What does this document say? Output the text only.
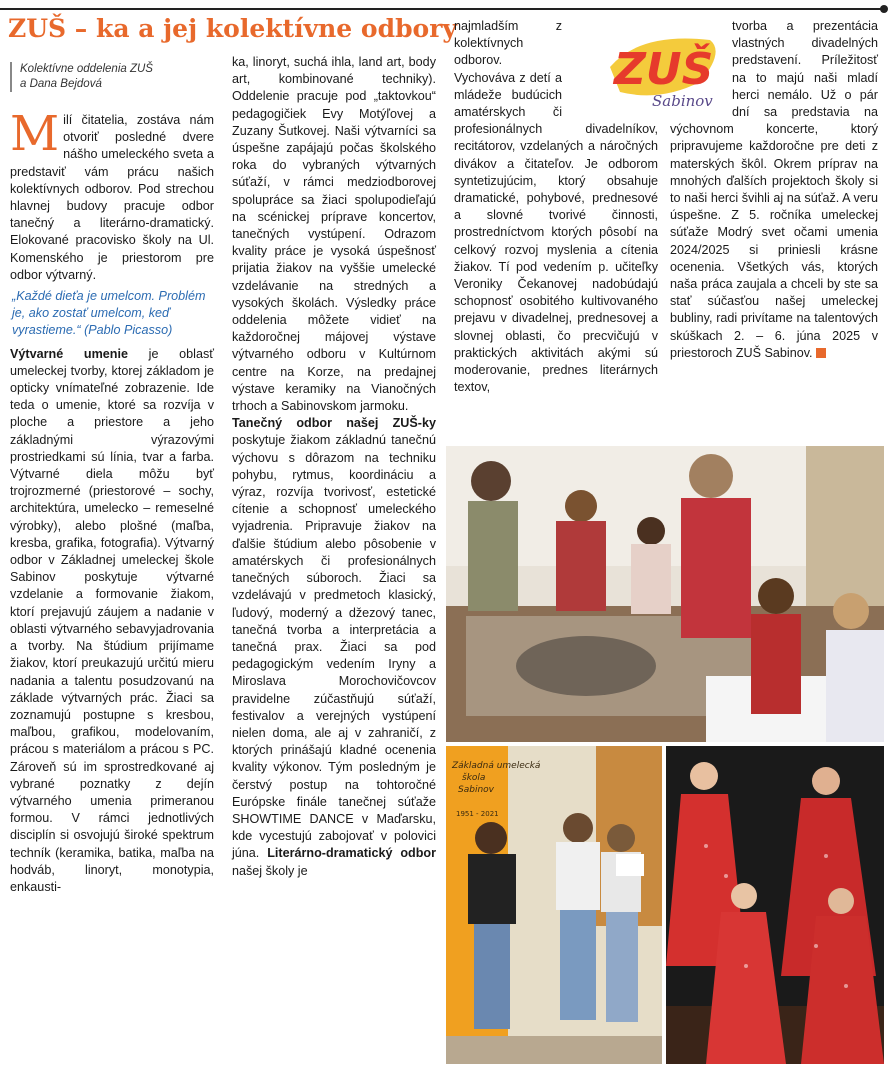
ZUŠ – ka a jej kolektívne odbory
Kolektívne oddelenia ZUŠ
a Dana Bejdová

Milí čitatelia, zostáva nám otvoriť posledné dvere nášho umeleckého sveta a predstaviť vám prácu našich kolektívnych odborov. Pod strechou hlavnej budovy pracuje odbor tanečný a literárno-dramatický. Elokované pracovisko školy na Ul. Komenského je priestorom pre odbor výtvarný.

„Každé dieťa je umelcom. Problém je, ako zostať umelcom, keď vyrastieme.“ (Pablo Picasso)

Výtvarné umenie je oblasť umeleckej tvorby, ktorej základom je opticky vnímateľné zobrazenie. Ide teda o umenie, ktoré sa rozvíja v ploche a priestore a jeho základnými výrazovými prostriedkami sú línia, tvar a farba. Výtvarné diela môžu byť trojrozmerné (priestorové – sochy, architektúra, umelecko – remeselné výrobky), alebo plošné (maľba, kresba, grafika, fotografia). Výtvarný odbor v Základnej umeleckej škole Sabinov poskytuje výtvarné vzdelanie a formovanie žiakom, ktorí prejavujú záujem a nadanie v oblasti výtvarného sebavyjadrovania a tvorby. Na štúdium prijímame žiakov, ktorí preukazujú určitú mieru nadania a talentu posudzovanú na základe výtvarných prác. Žiaci sa zoznamujú postupne s kresbou, maľbou, grafikou, modelovaním, prácou s materiálom a prácou s PC. Zároveň sú im sprostredkované aj vybrané poznatky z dejín výtvarného umenia primeranou formou. V rámci jednotlivých disciplín si osvojujú široké spektrum techník (keramika, batika, maľba na hodváb, linoryt, monotypia, enkausti-

ka, linoryt, suchá ihla, land art, body art, kombinované techniky). Oddelenie pracuje pod „taktovkou“ pedagogičiek Evy Motýľovej a Zuzany Šutkovej. Naši výtvarníci sa úspešne zapájajú počas školského roka do vybraných výtvarných súťaží, v rámci medziodborovej spolupráce sa žiaci spolupodieľajú na scénickej príprave koncertov, tanečných vystúpení. Odrazom kvality práce je vysoká úspešnosť prijatia žiakov na vyššie umelecké vzdelávanie na stredných a vysokých školách. Výsledky práce oddelenia môžete vidieť na každoročnej májovej výstave výtvarného odboru v Kultúrnom centre na Korze, na predajnej výstave keramiky na Vianočných trhoch a Sabinovskom jarmoku.

Tanečný odbor našej ZUŠ-ky poskytuje žiakom základnú tanečnú výchovu s dôrazom na techniku pohybu, rytmus, koordináciu a výraz, rozvíja tvorivosť, estetické cítenie a schopnosť umeleckého vyjadrenia. Pripravuje žiakov na ďalšie štúdium alebo pôsobenie v amatérskych či profesionálnych tanečných súboroch. Žiaci sa vzdelávajú v predmetoch klasický, ľudový, moderný a džezový tanec, tanečná tvorba a interpretácia a tanečná prax. Žiaci sa pod pedagogickým vedením Iryny a Miroslava Morochovičovcov pravidelne zúčastňujú súťaží, festivalov a verejných vystúpení nielen doma, ale aj v zahraničí, z ktorých prinášajú kladné ocenenia kvality výkonov. Tým posledným je čerstvý postup na tohtoročné Európske finále tanečnej súťaže SHOWTIME DANCE v Maďarsku, kde vycestujú zabojovať v polovici júna. Literárno-dramatický odbor našej školy je

najmladším z kolektívnych odborov. Vychováva z detí a mládeže budúcich amatérskych či profesionálnych divadelníkov, recitátorov, vzdelaných a náročných divákov a čitateľov. Je odborom syntetizujúcim, ktorý obsahuje dramatické, pohybové, prednesové a slovné tvorivé činnosti, prostredníctvom ktorých pôsobí na celkový rozvoj myslenia a cítenia žiakov. Tí pod vedením p. učiteľky Veroniky Čekanovej nadobúdajú schopnosť osobitého kultivovaného prejavu v divadelnej, prednesovej a slovnej oblasti, čo precvičujú v praktických aktivitách akými sú moderovanie, prednes literárnych textov,

tvorba a prezentácia vlastných divadelných predstavení. Príležitosť na to majú naši mladí herci nemálo. Už o pár dní sa predstavia na výchovnom koncerte, ktorý pripravujeme každoročne pre deti z materských škôl. Okrem príprav na mnohých ďalších projektoch školy si to naši herci švihli aj na súťaž. A veru úspešne. Z 5. ročníka umeleckej súťaže Modrý svet očami umenia 2024/2025 si priniesli krásne ocenenia. Všetkých vás, ktorých naša práca zaujala a chceli by ste sa stať súčasťou našej umeleckej bubliny, radi privítame na talentových skúškach 2. – 6. júna 2025 v priestoroch ZUŠ Sabinov.

ZUŠ
Sabinov
Základná umelecká
škola
Sabinov
1951 - 2021
